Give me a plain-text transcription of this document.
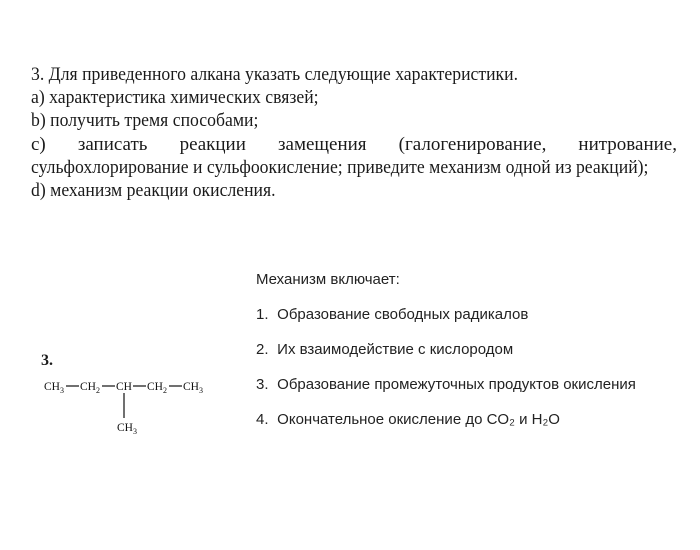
3. Для приведенного алкана указать следующие характеристики.
a) характеристика химических связей;
b) получить тремя способами;
c) записать реакции замещения (галогенирование, нитрование,
сульфохлорирование и сульфоокисление; приведите механизм одной из реакций);
d) механизм реакции окисления.
Механизм включает:
1. Образование свободных радикалов
2. Их взаимодействие с кислородом
3. Образование промежуточных продуктов окисления
4. Окончательное окисление до CO₂ и H₂O
3.
$CH_3$ $CH_2$ CH $CH_2$ $CH_3$
$CH_3$
